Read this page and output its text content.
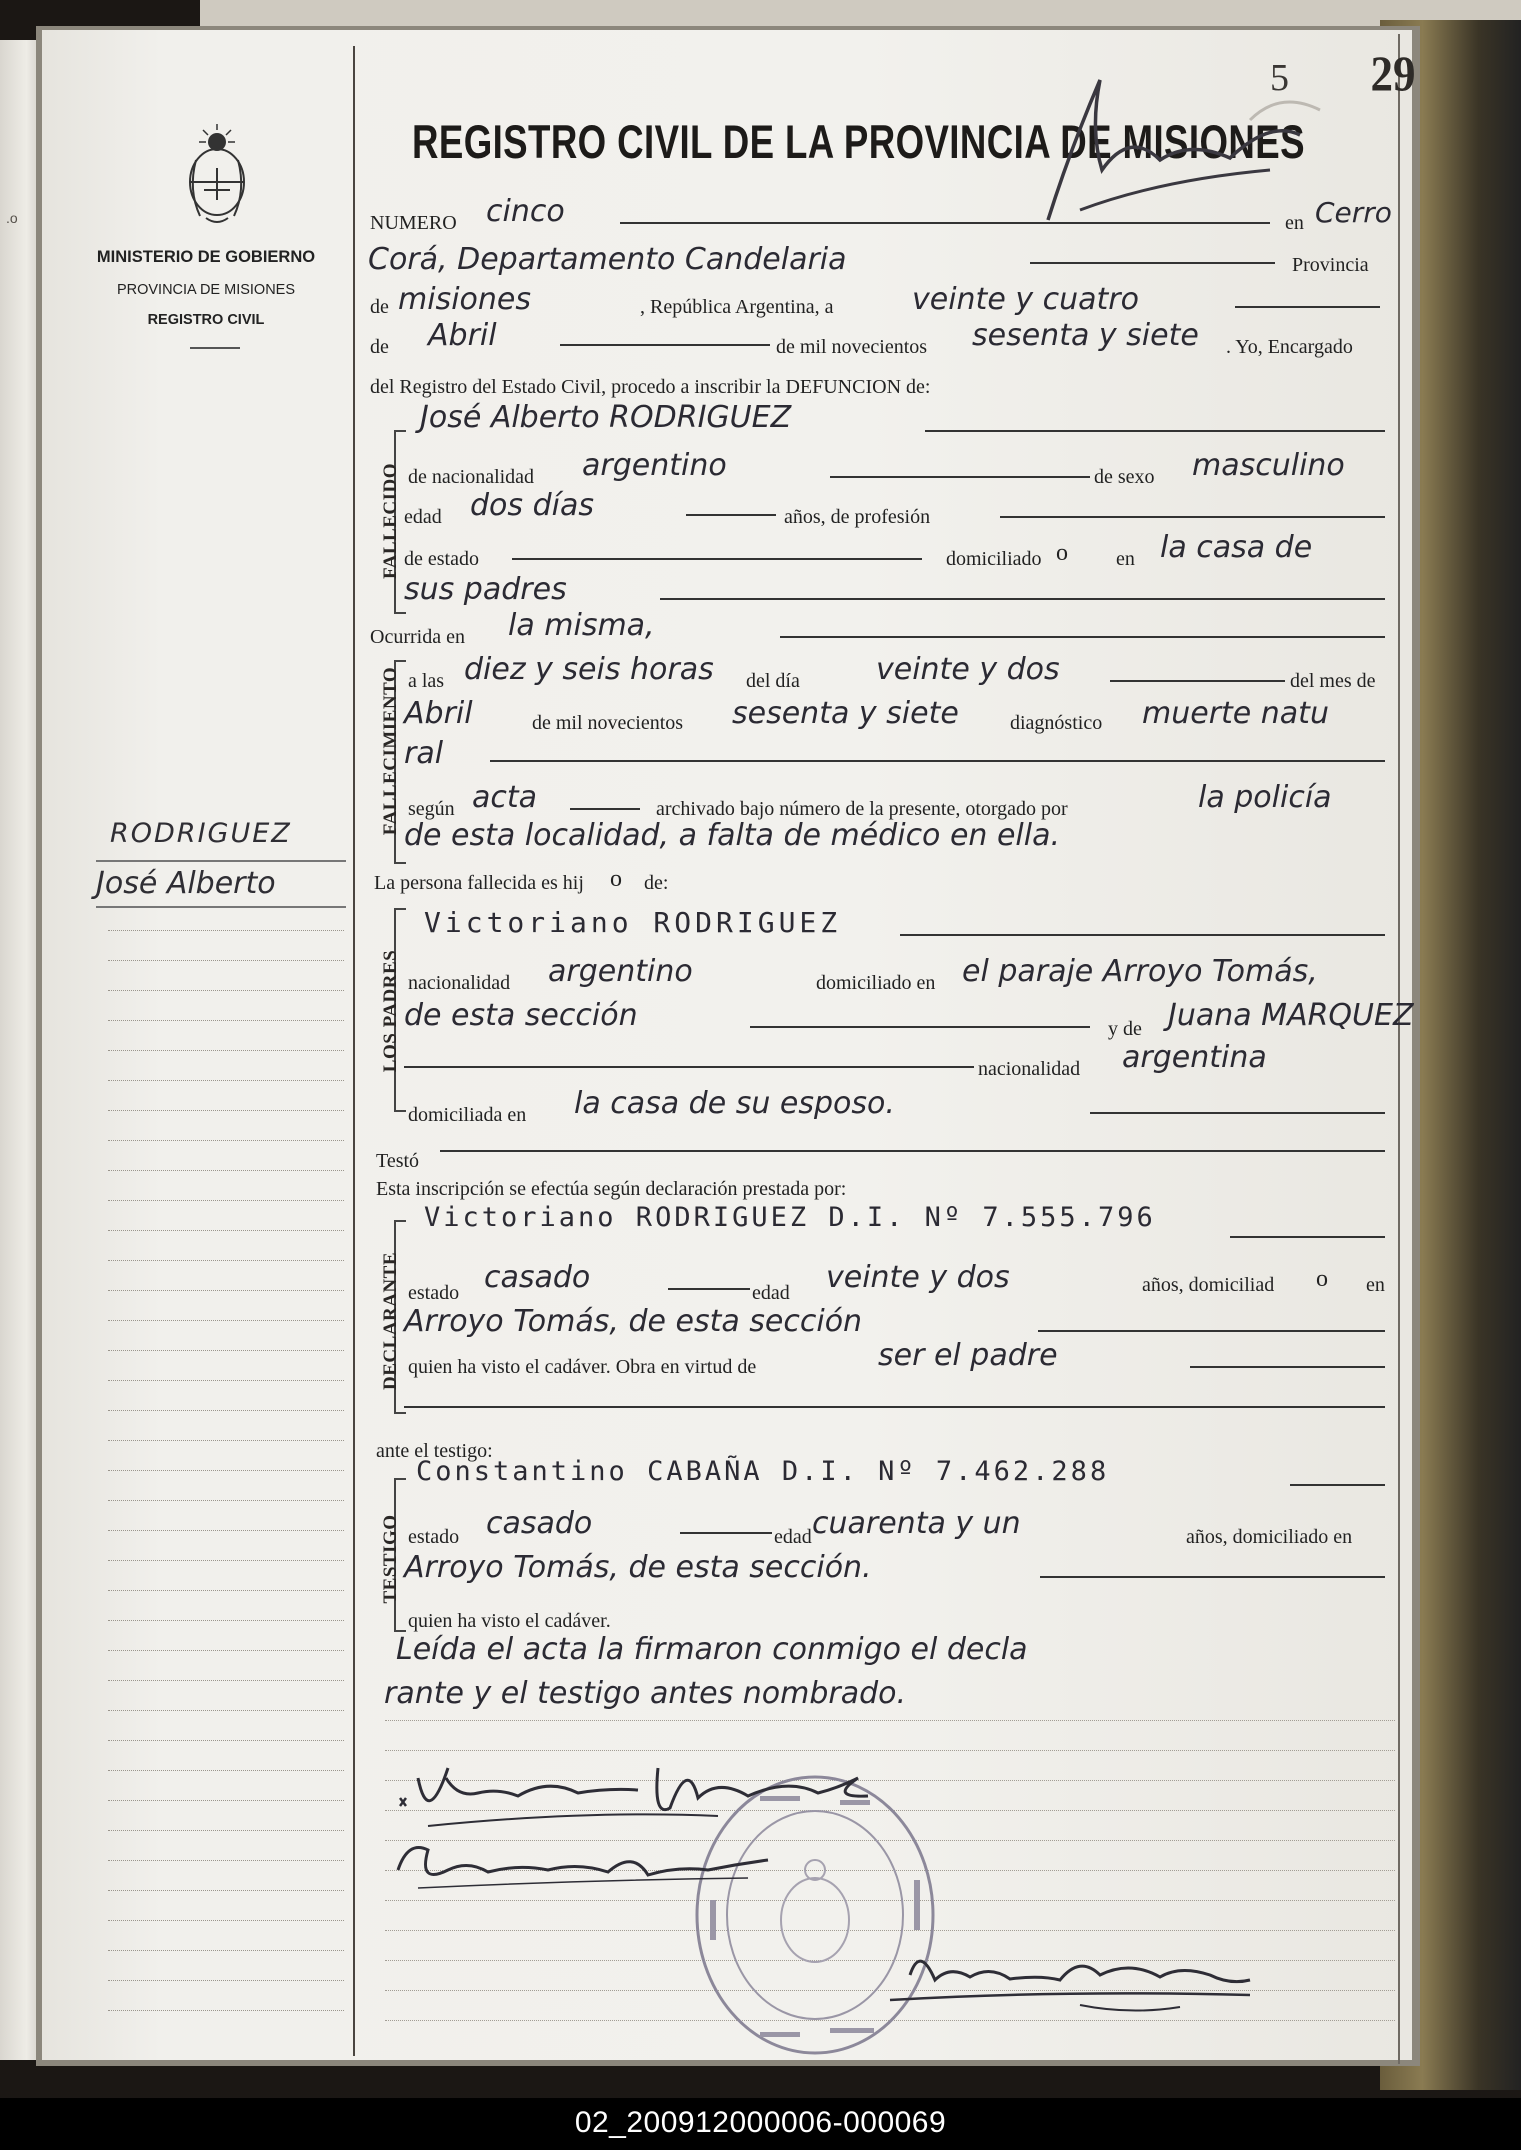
.o
MINISTERIO DE GOBIERNO
PROVINCIA DE MISIONES
REGISTRO CIVIL
RODRIGUEZ
José Alberto
REGISTRO CIVIL DE LA PROVINCIA DE MISIONES
5 29
FALLECIDO
FALLECIMIENTO
LOS PADRES
DECLARANTE
TESTIGO
NUMERO cinco	en Cerro
Corá, Departamento Candelaria	Provincia
de misiones	, República Argentina, a	veinte y cuatro
de Abril	de mil novecientos sesenta y siete . Yo, Encargado
del Registro del Estado Civil, procedo a inscribir la DEFUNCION de:
José Alberto RODRIGUEZ
de nacionalidad argentino	de sexo masculino
edad dos días	años, de profesión
de estado	domiciliado o en la casa de
sus padres
Ocurrida en la misma,
a las diez y seis horas del día	veinte y dos	del mes de
Abril	de mil novecientos sesenta y siete	diagnóstico muerte natu
ral
según acta	archivado bajo número de la presente, otorgado por	la policía
de esta localidad, a falta de médico en ella.
La persona fallecida es hij o de:
Victoriano RODRIGUEZ
nacionalidad argentino	domiciliado en el paraje Arroyo Tomás,
de esta sección	y de Juana MARQUEZ
nacionalidad argentina
domiciliada en la casa de su esposo.
Testó
Esta inscripción se efectúa según declaración prestada por:
Victoriano RODRIGUEZ D.I. Nº 7.555.796
estado casado	edad veinte y dos	años, domiciliad o en
Arroyo Tomás, de esta sección
quien ha visto el cadáver. Obra en virtud de	ser el padre
ante el testigo:
Constantino CABAÑA D.I. Nº 7.462.288
estado casado	edad cuarenta y un	años, domiciliado en
Arroyo Tomás, de esta sección.
quien ha visto el cadáver.
Leída el acta la firmaron conmigo el decla
rante y el testigo antes nombrado.
02_200912000006-000069
